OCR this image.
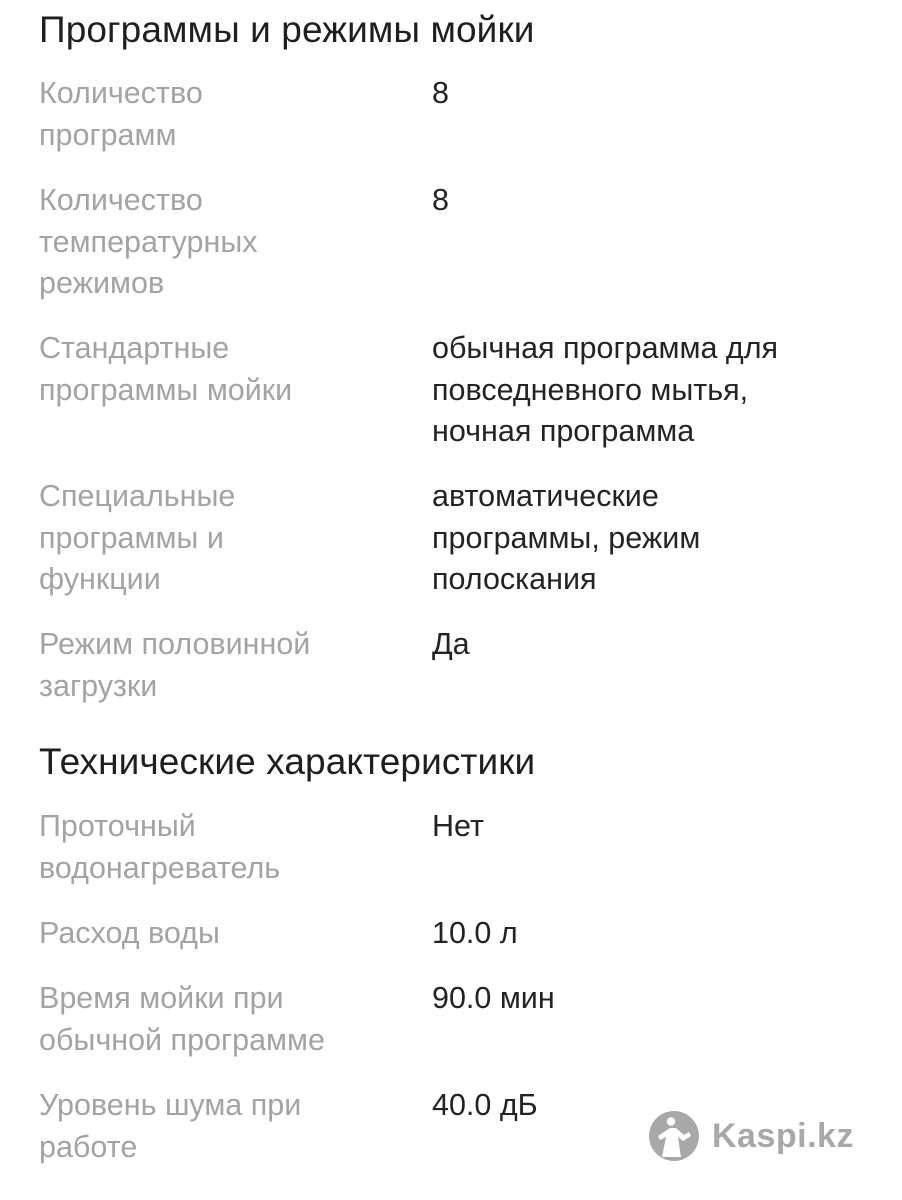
Программы и режимы мойки
Количество
программ
8
Количество
температурных
режимов
8
Стандартные
программы мойки
обычная программа для
повседневного мытья,
ночная программа
Специальные
программы и
функции
автоматические
программы, режим
полоскания
Режим половинной
загрузки
Да
Технические характеристики
Проточный
водонагреватель
Нет
Расход воды	10.0 л
Время мойки при
обычной программе
90.0 мин
Уровень шума при
работе
40.0 дБ
Kaspi.kz
